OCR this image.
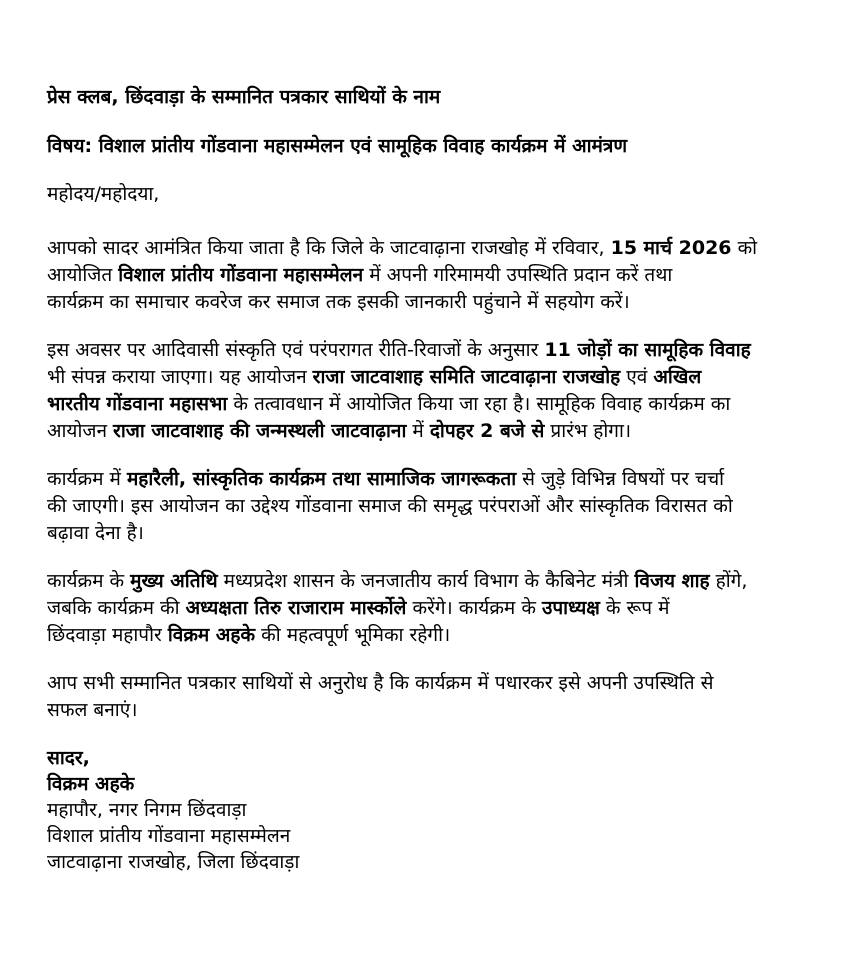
प्रेस क्लब, छिंदवाड़ा के सम्मानित पत्रकार साथियों के नाम
विषय: विशाल प्रांतीय गोंडवाना महासम्मेलन एवं सामूहिक विवाह कार्यक्रम में आमंत्रण
महोदय/महोदया,
आपको सादर आमंत्रित किया जाता है कि जिले के जाटवाढ़ाना राजखोह में रविवार, 15 मार्च 2026 को
आयोजित विशाल प्रांतीय गोंडवाना महासम्मेलन में अपनी गरिमामयी उपस्थिति प्रदान करें तथा
कार्यक्रम का समाचार कवरेज कर समाज तक इसकी जानकारी पहुंचाने में सहयोग करें।
इस अवसर पर आदिवासी संस्कृति एवं परंपरागत रीति-रिवाजों के अनुसार 11 जोड़ों का सामूहिक विवाह
भी संपन्न कराया जाएगा। यह आयोजन राजा जाटवाशाह समिति जाटवाढ़ाना राजखोह एवं अखिल
भारतीय गोंडवाना महासभा के तत्वावधान में आयोजित किया जा रहा है। सामूहिक विवाह कार्यक्रम का
आयोजन राजा जाटवाशाह की जन्मस्थली जाटवाढ़ाना में दोपहर 2 बजे से प्रारंभ होगा।
कार्यक्रम में महारैली, सांस्कृतिक कार्यक्रम तथा सामाजिक जागरूकता से जुड़े विभिन्न विषयों पर चर्चा
की जाएगी। इस आयोजन का उद्देश्य गोंडवाना समाज की समृद्ध परंपराओं और सांस्कृतिक विरासत को
बढ़ावा देना है।
कार्यक्रम के मुख्य अतिथि मध्यप्रदेश शासन के जनजातीय कार्य विभाग के कैबिनेट मंत्री विजय शाह होंगे,
जबकि कार्यक्रम की अध्यक्षता तिरु राजाराम मार्स्कोले करेंगे। कार्यक्रम के उपाध्यक्ष के रूप में
छिंदवाड़ा महापौर विक्रम अहके की महत्वपूर्ण भूमिका रहेगी।
आप सभी सम्मानित पत्रकार साथियों से अनुरोध है कि कार्यक्रम में पधारकर इसे अपनी उपस्थिति से
सफल बनाएं।
सादर,
विक्रम अहके
महापौर, नगर निगम छिंदवाड़ा
विशाल प्रांतीय गोंडवाना महासम्मेलन
जाटवाढ़ाना राजखोह, जिला छिंदवाड़ा
